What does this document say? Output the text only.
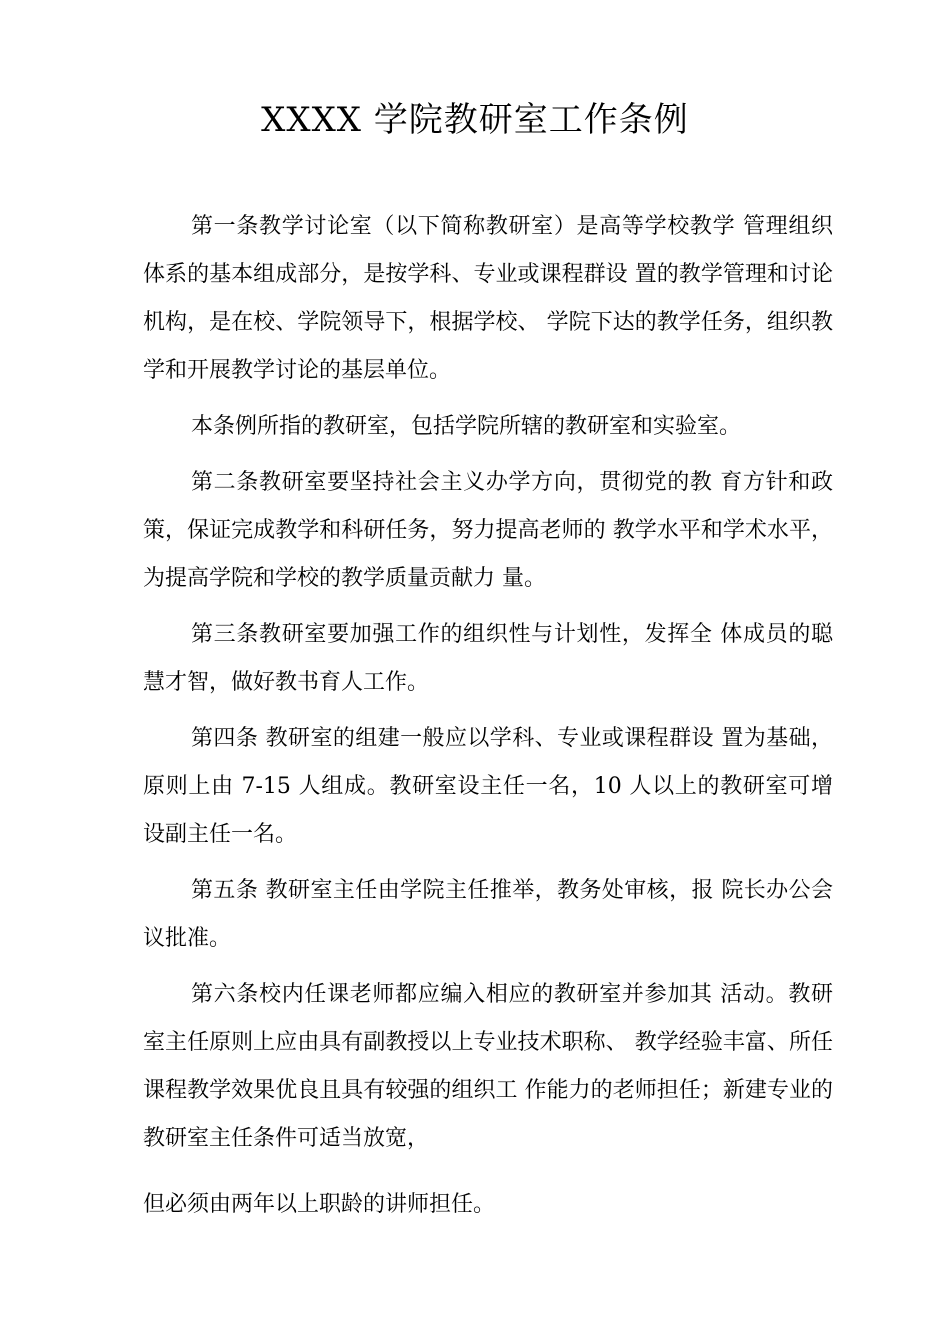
XXXX 学院教研室工作条例

第一条教学讨论室（以下简称教研室）是高等学校教学 管理组织体系的基本组成部分，是按学科、专业或课程群设 置的教学管理和讨论机构，是在校、学院领导下，根据学校、 学院下达的教学任务，组织教学和开展教学讨论的基层单位。

本条例所指的教研室，包括学院所辖的教研室和实验室。

第二条教研室要坚持社会主义办学方向，贯彻党的教 育方针和政策，保证完成教学和科研任务，努力提高老师的 教学水平和学术水平，为提高学院和学校的教学质量贡献力 量。

第三条教研室要加强工作的组织性与计划性，发挥全 体成员的聪慧才智，做好教书育人工作。

第四条 教研室的组建一般应以学科、专业或课程群设 置为基础，原则上由 7-15 人组成。教研室设主任一名，10 人以上的教研室可增设副主任一名。

第五条 教研室主任由学院主任推举，教务处审核，报 院长办公会议批准。

第六条校内任课老师都应编入相应的教研室并参加其 活动。教研室主任原则上应由具有副教授以上专业技术职称、 教学经验丰富、所任课程教学效果优良且具有较强的组织工 作能力的老师担任；新建专业的教研室主任条件可适当放宽，

但必须由两年以上职龄的讲师担任。
